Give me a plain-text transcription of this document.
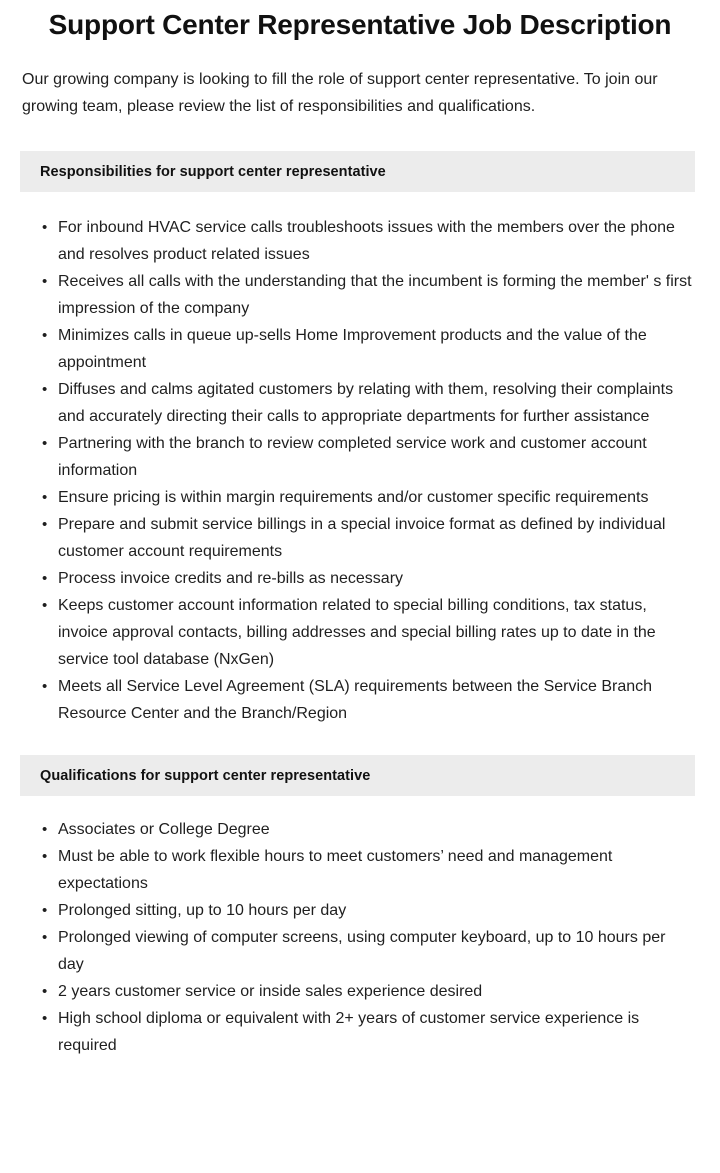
Support Center Representative Job Description

Our growing company is looking to fill the role of support center representative. To join our growing team, please review the list of responsibilities and qualifications.

Responsibilities for support center representative
• For inbound HVAC service calls troubleshoots issues with the members over the phone and resolves product related issues
• Receives all calls with the understanding that the incumbent is forming the member' s first impression of the company
• Minimizes calls in queue up-sells Home Improvement products and the value of the appointment
• Diffuses and calms agitated customers by relating with them, resolving their complaints and accurately directing their calls to appropriate departments for further assistance
• Partnering with the branch to review completed service work and customer account information
• Ensure pricing is within margin requirements and/or customer specific requirements
• Prepare and submit service billings in a special invoice format as defined by individual customer account requirements
• Process invoice credits and re-bills as necessary
• Keeps customer account information related to special billing conditions, tax status, invoice approval contacts, billing addresses and special billing rates up to date in the service tool database (NxGen)
• Meets all Service Level Agreement (SLA) requirements between the Service Branch Resource Center and the Branch/Region
Qualifications for support center representative
• Associates or College Degree
• Must be able to work flexible hours to meet customers’ need and management expectations
• Prolonged sitting, up to 10 hours per day
• Prolonged viewing of computer screens, using computer keyboard, up to 10 hours per day
• 2 years customer service or inside sales experience desired
• High school diploma or equivalent with 2+ years of customer service experience is required
